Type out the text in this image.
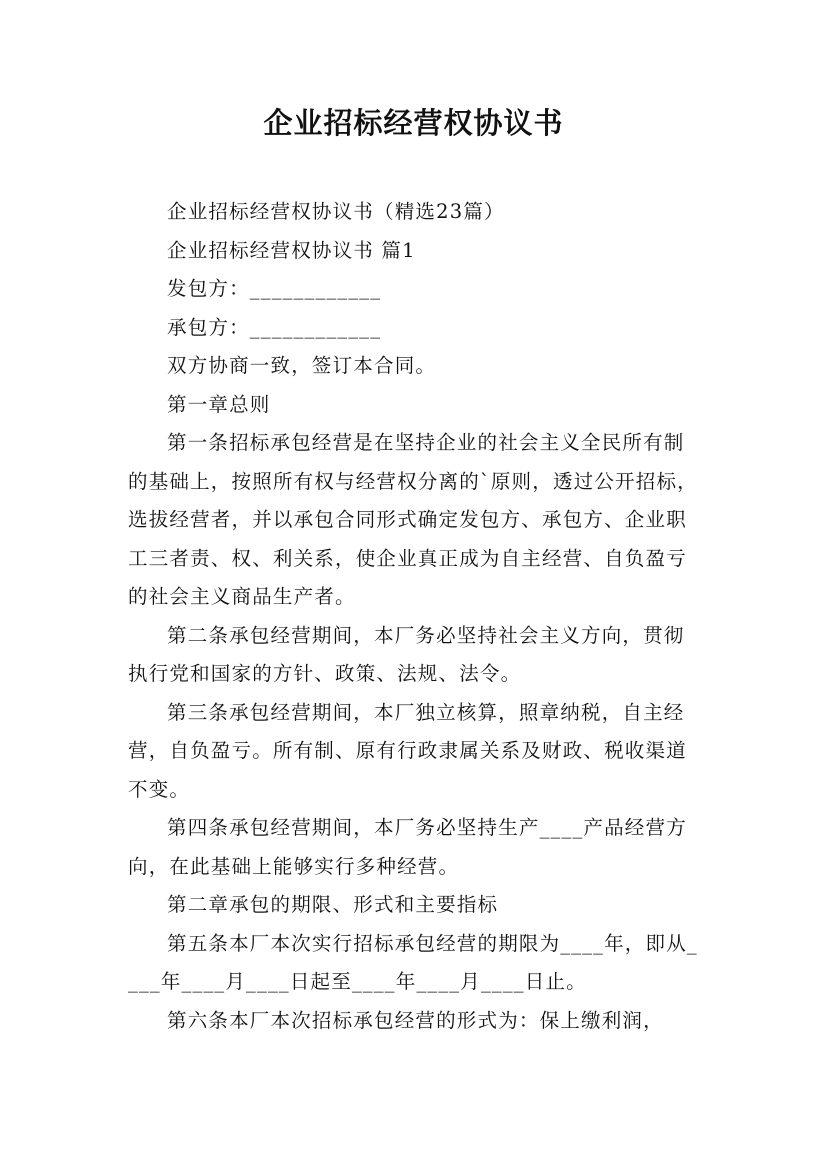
企业招标经营权协议书

企业招标经营权协议书（精选23篇）

企业招标经营权协议书 篇1

发包方：____________

承包方：____________

双方协商一致，签订本合同。

第一章总则

第一条招标承包经营是在坚持企业的社会主义全民所有制的基础上，按照所有权与经营权分离的`原则，透过公开招标，选拔经营者，并以承包合同形式确定发包方、承包方、企业职工三者责、权、利关系，使企业真正成为自主经营、自负盈亏的社会主义商品生产者。

第二条承包经营期间，本厂务必坚持社会主义方向，贯彻执行党和国家的方针、政策、法规、法令。

第三条承包经营期间，本厂独立核算，照章纳税，自主经营，自负盈亏。所有制、原有行政隶属关系及财政、税收渠道不变。

第四条承包经营期间，本厂务必坚持生产____产品经营方向，在此基础上能够实行多种经营。

第二章承包的期限、形式和主要指标

第五条本厂本次实行招标承包经营的期限为____年，即从____年____月____日起至____年____月____日止。

第六条本厂本次招标承包经营的形式为：保上缴利润，
